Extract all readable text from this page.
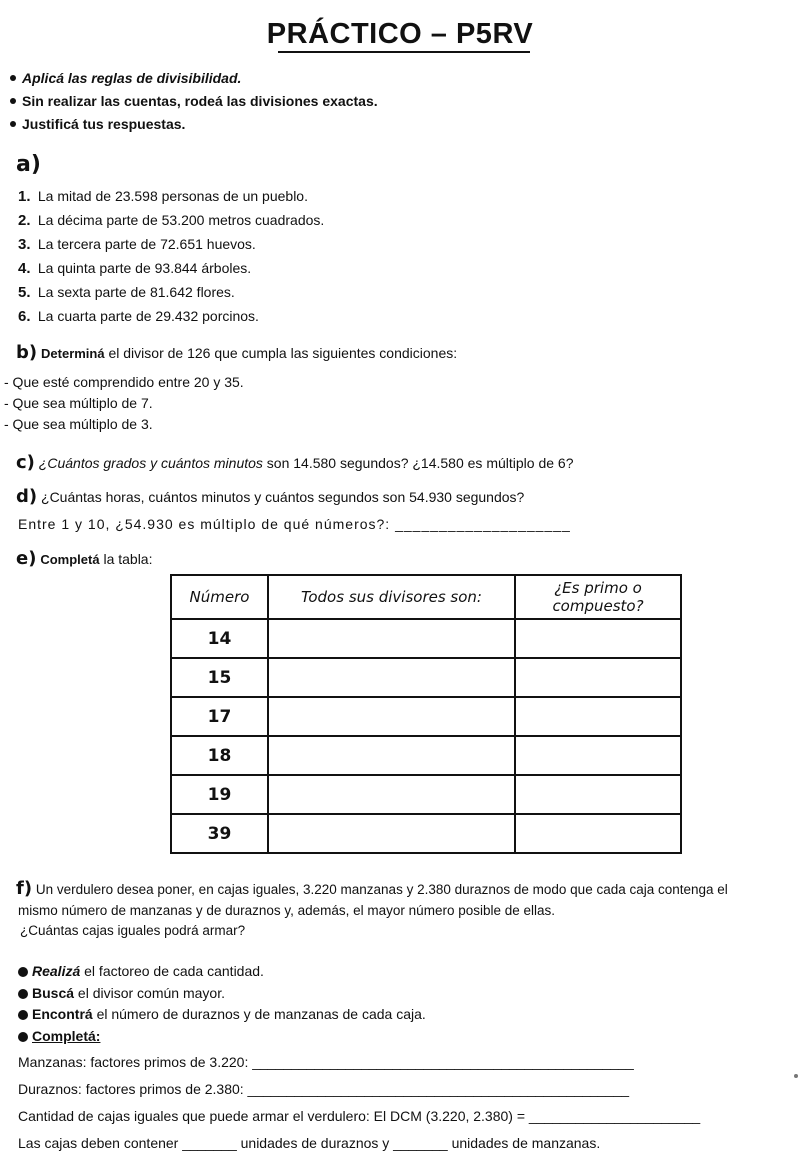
PRÁCTICO – P5RV
Aplicá las reglas de divisibilidad.
Sin realizar las cuentas, rodeá las divisiones exactas.
Justificá tus respuestas.
a)
1. La mitad de 23.598 personas de un pueblo.
2. La décima parte de 53.200 metros cuadrados.
3. La tercera parte de 72.651 huevos.
4. La quinta parte de 93.844 árboles.
5. La sexta parte de 81.642 flores.
6. La cuarta parte de 29.432 porcinos.
b) Determiná el divisor de 126 que cumpla las siguientes condiciones:
- Que esté comprendido entre 20 y 35.
- Que sea múltiplo de 7.
- Que sea múltiplo de 3.
c) ¿Cuántos grados y cuántos minutos son 14.580 segundos? ¿14.580 es múltiplo de 6?
d) ¿Cuántas horas, cuántos minutos y cuántos segundos son 54.930 segundos?
Entre 1 y 10, ¿54.930 es múltiplo de qué números?: ____________________
e) Completá la tabla:
Número	Todos sus divisores son:	¿Es primo o compuesto?
14		
15		
17		
18		
19		
39		
f) Un verdulero desea poner, en cajas iguales, 3.220 manzanas y 2.380 duraznos de modo que cada caja contenga el
mismo número de manzanas y de duraznos y, además, el mayor número posible de ellas.
¿Cuántas cajas iguales podrá armar?
Realizá el factoreo de cada cantidad.
Buscá el divisor común mayor.
Encontrá el número de duraznos y de manzanas de cada caja.
Completá:
Manzanas: factores primos de 3.220: _________________________________________________
Duraznos: factores primos de 2.380: _________________________________________________
Cantidad de cajas iguales que puede armar el verdulero: El DCM (3.220, 2.380) = ______________________
Las cajas deben contener _______ unidades de duraznos y _______ unidades de manzanas.
